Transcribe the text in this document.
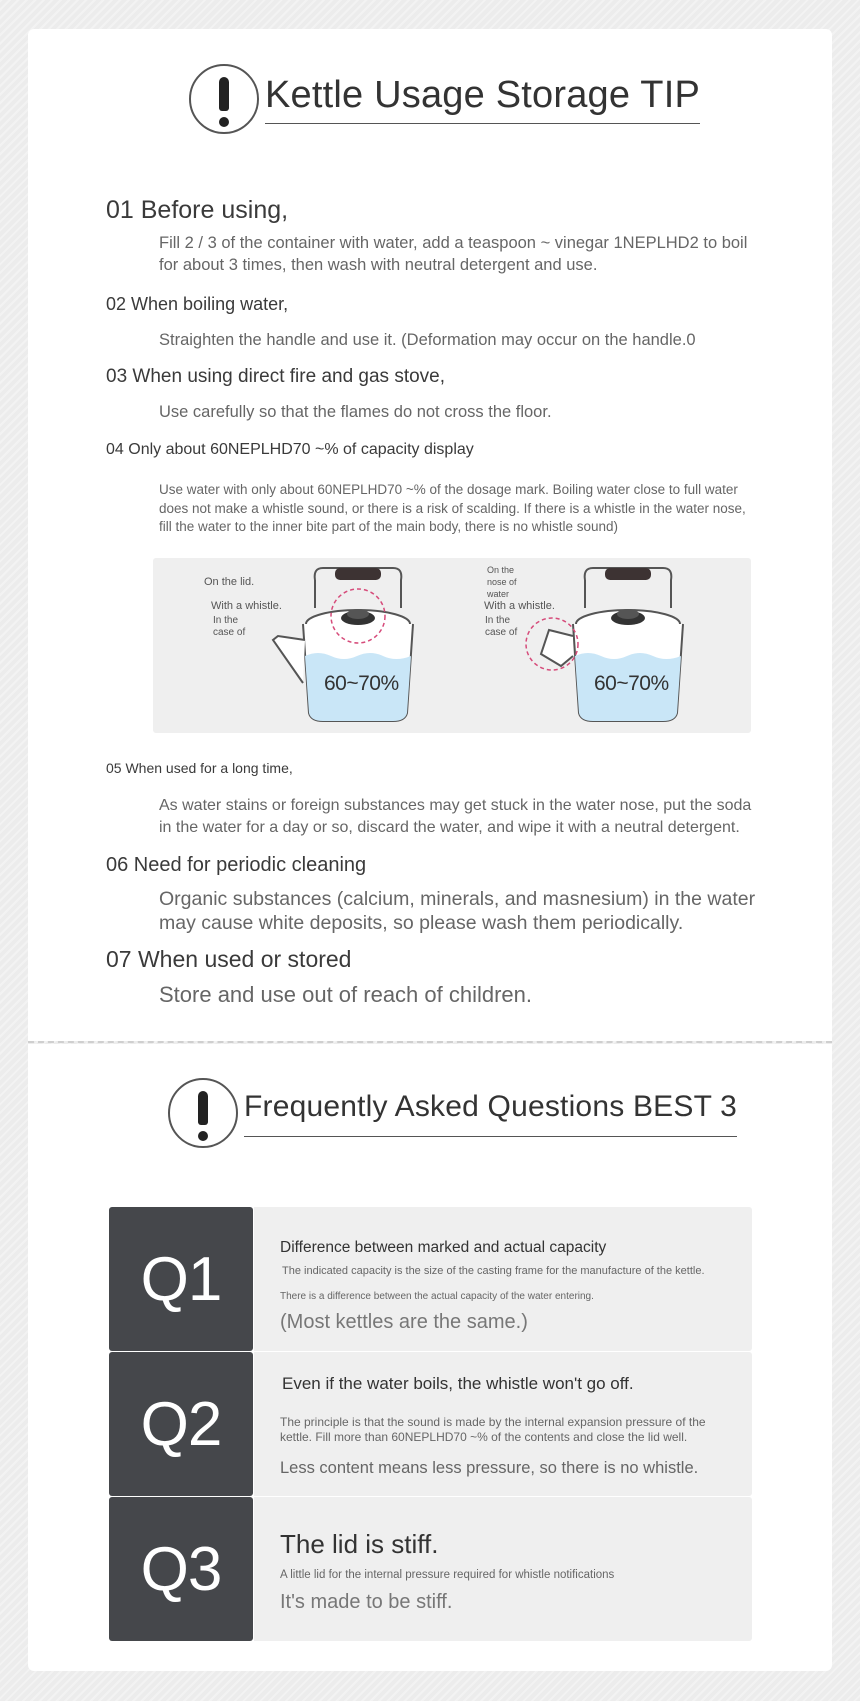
Kettle Usage Storage TIP
01 Before using,
Fill 2 / 3 of the container with water, add a teaspoon ~ vinegar 1NEPLHD2 to boil for about 3 times, then wash with neutral detergent and use.
02 When boiling water,
Straighten the handle and use it. (Deformation may occur on the handle.0
03 When using direct fire and gas stove,
Use carefully so that the flames do not cross the floor.
04 Only about 60NEPLHD70 ~% of capacity display
Use water with only about 60NEPLHD70 ~% of the dosage mark. Boiling water close to full water does not make a whistle sound, or there is a risk of scalding. If there is a whistle in the water nose, fill the water to the inner bite part of the main body, there is no whistle sound)
On the lid.
With a whistle.
In the
case of
60~70%
On the
nose of
water
With a whistle.
In the
case of
60~70%
05 When used for a long time,
As water stains or foreign substances may get stuck in the water nose, put the soda in the water for a day or so, discard the water, and wipe it with a neutral detergent.
06 Need for periodic cleaning
Organic substances (calcium, minerals, and masnesium) in the water may cause white deposits, so please wash them periodically.
07 When used or stored
Store and use out of reach of children.
Frequently Asked Questions BEST 3
Q1	Difference between marked and actual capacity
The indicated capacity is the size of the casting frame for the manufacture of the kettle.
There is a difference between the actual capacity of the water entering.
(Most kettles are the same.)
Q2
Even if the water boils, the whistle won't go off.
The principle is that the sound is made by the internal expansion pressure of the
kettle. Fill more than 60NEPLHD70 ~% of the contents and close the lid well.
Less content means less pressure, so there is no whistle.
Q3	The lid is stiff.
A little lid for the internal pressure required for whistle notifications
It's made to be stiff.
